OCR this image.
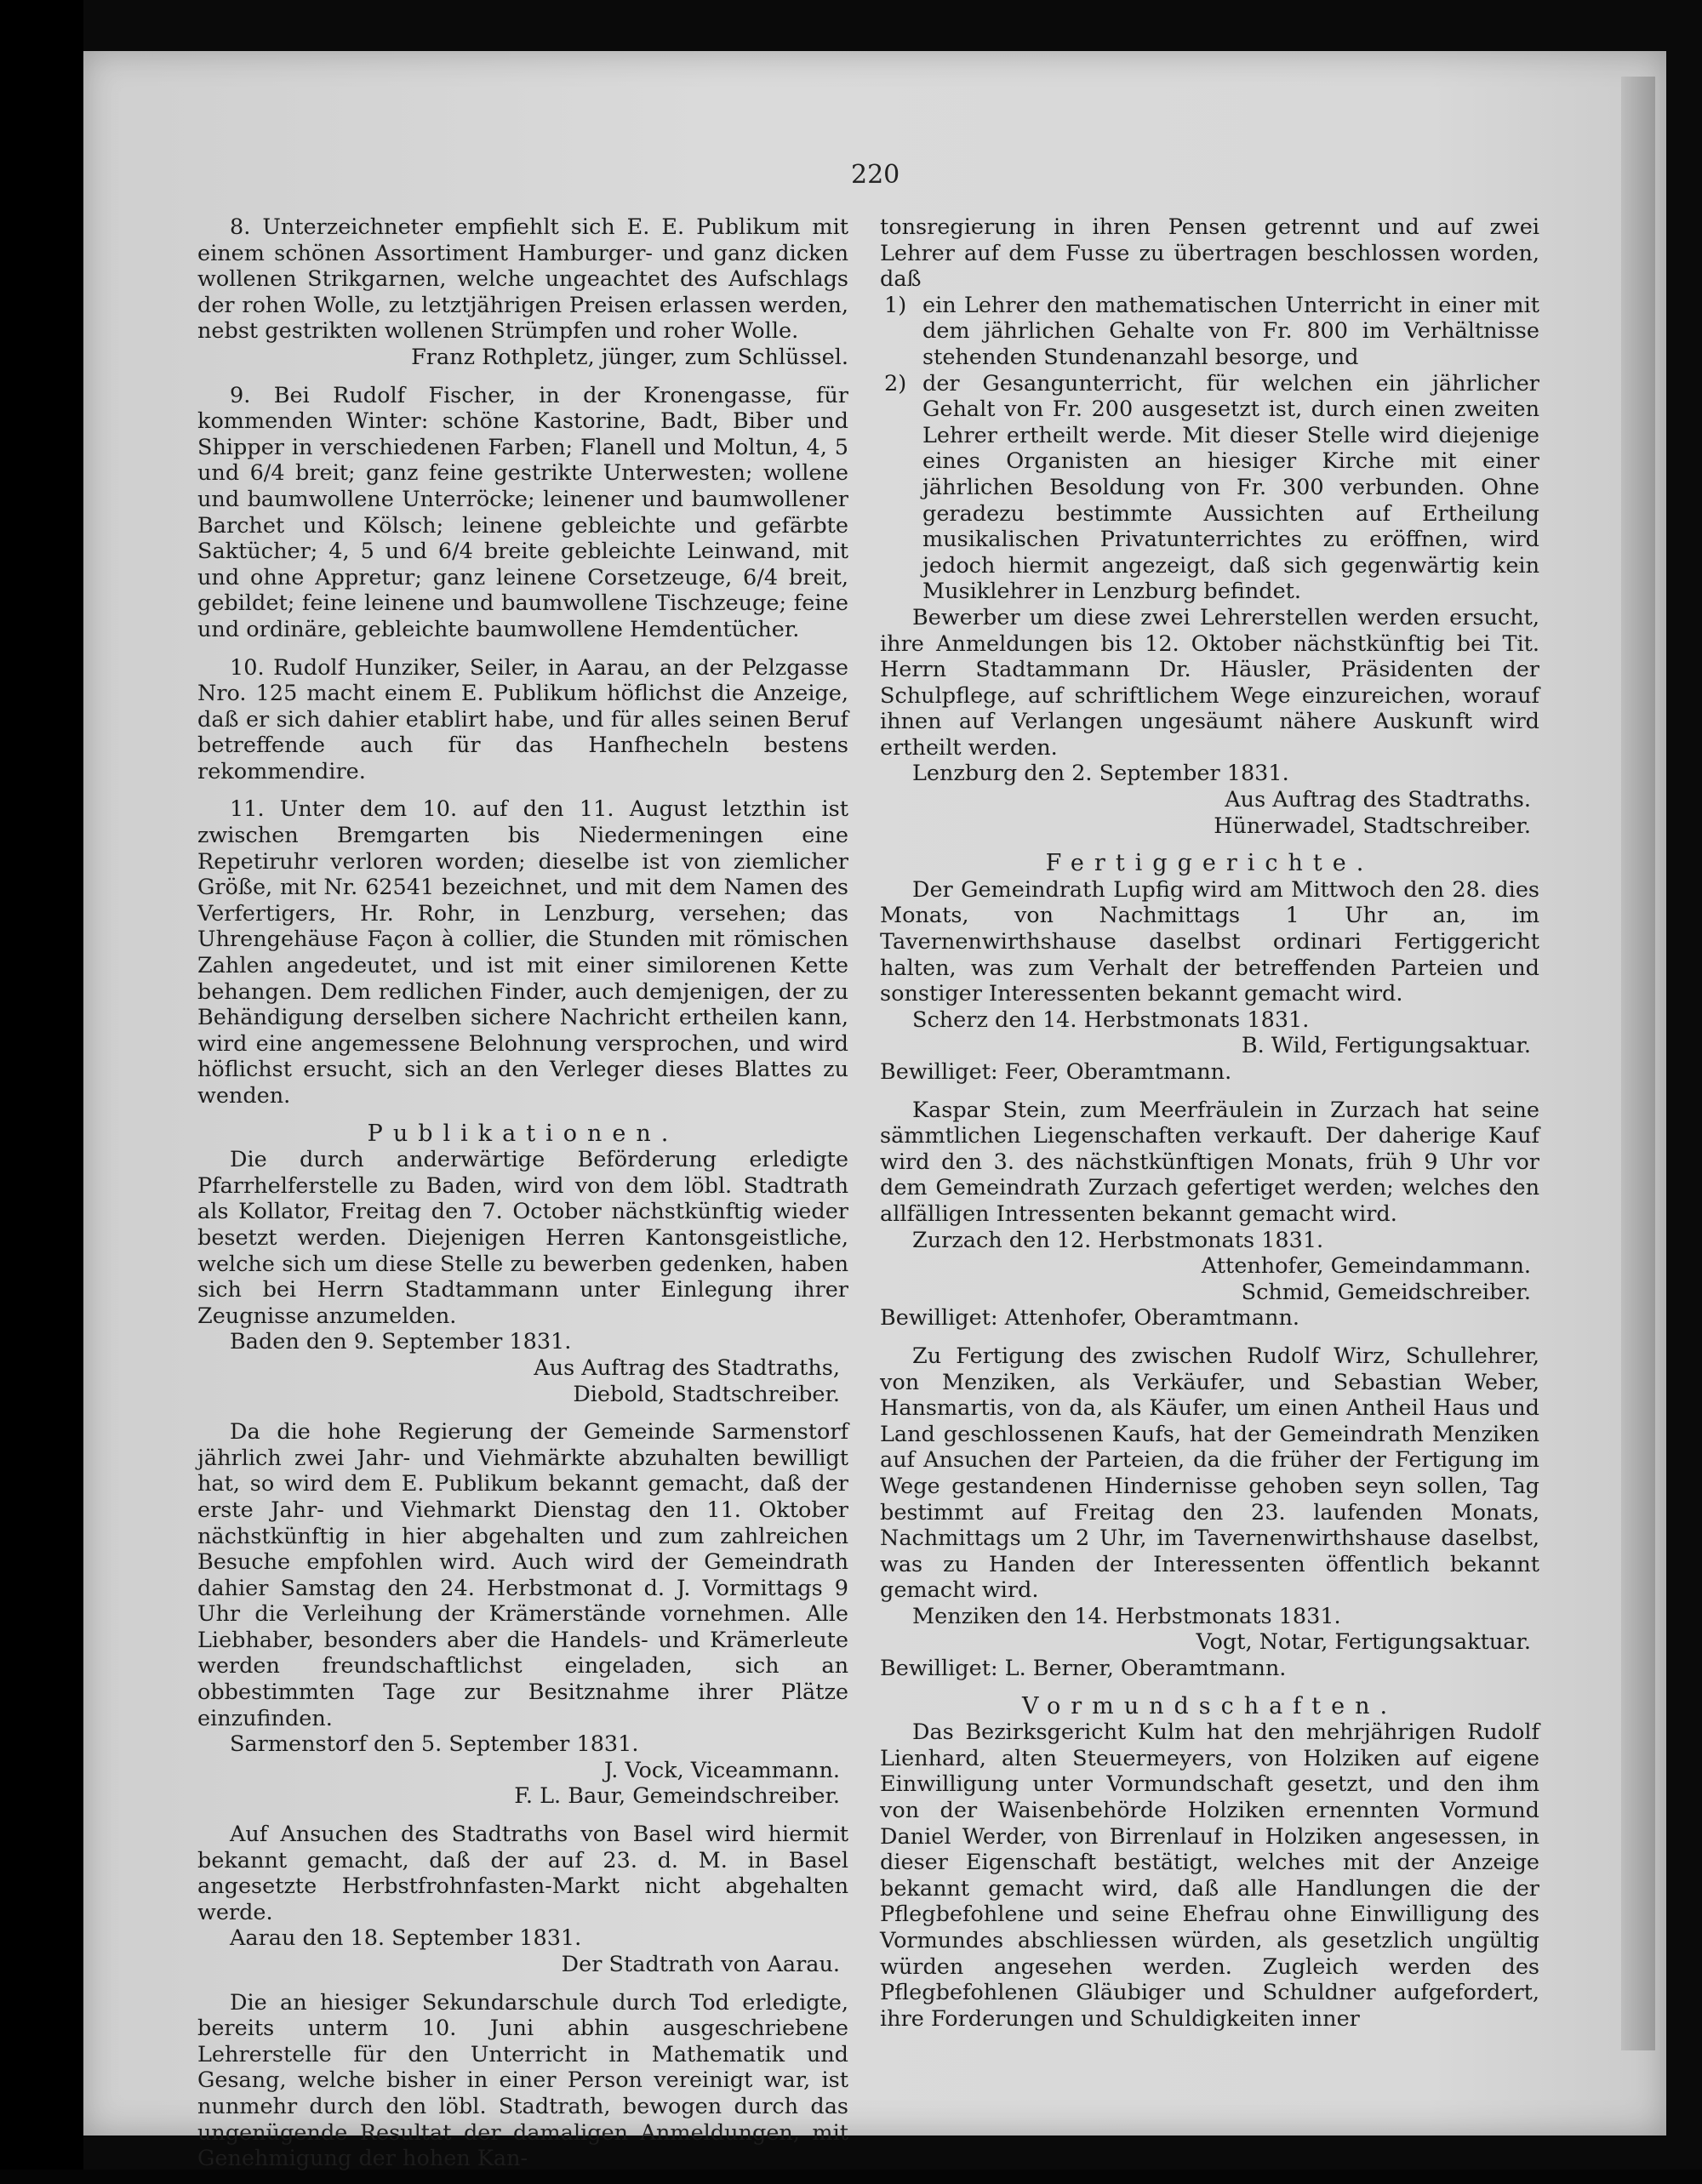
220

8. Unterzeichneter empfiehlt sich E. E. Publikum mit einem schönen Assortiment Hamburger- und ganz dicken wollenen Strikgarnen, welche ungeachtet des Aufschlags der rohen Wolle, zu letztjährigen Preisen erlassen werden, nebst gestrikten wollenen Strümpfen und roher Wolle.

Franz Rothpletz, jünger, zum Schlüssel.

9. Bei Rudolf Fischer, in der Kronengasse, für kommenden Winter: schöne Kastorine, Badt, Biber und Shipper in verschiedenen Farben; Flanell und Moltun, 4, 5 und 6/4 breit; ganz feine gestrikte Unterwesten; wollene und baumwollene Unterröcke; leinener und baumwollener Barchet und Kölsch; leinene gebleichte und gefärbte Saktücher; 4, 5 und 6/4 breite gebleichte Leinwand, mit und ohne Appretur; ganz leinene Corsetzeuge, 6/4 breit, gebildet; feine leinene und baumwollene Tischzeuge; feine und ordinäre, gebleichte baumwollene Hemdentücher.

10. Rudolf Hunziker, Seiler, in Aarau, an der Pelzgasse Nro. 125 macht einem E. Publikum höflichst die Anzeige, daß er sich dahier etablirt habe, und für alles seinen Beruf betreffende auch für das Hanfhecheln bestens rekommendire.

11. Unter dem 10. auf den 11. August letzthin ist zwischen Bremgarten bis Niedermeningen eine Repetiruhr verloren worden; dieselbe ist von ziemlicher Größe, mit Nr. 62541 bezeichnet, und mit dem Namen des Verfertigers, Hr. Rohr, in Lenzburg, versehen; das Uhrengehäuse Façon à collier, die Stunden mit römischen Zahlen angedeutet, und ist mit einer similorenen Kette behangen. Dem redlichen Finder, auch demjenigen, der zu Behändigung derselben sichere Nachricht ertheilen kann, wird eine angemessene Belohnung versprochen, und wird höflichst ersucht, sich an den Verleger dieses Blattes zu wenden.

Publikationen.

Die durch anderwärtige Beförderung erledigte Pfarrhelferstelle zu Baden, wird von dem löbl. Stadtrath als Kollator, Freitag den 7. October nächstkünftig wieder besetzt werden. Diejenigen Herren Kantonsgeistliche, welche sich um diese Stelle zu bewerben gedenken, haben sich bei Herrn Stadtammann unter Einlegung ihrer Zeugnisse anzumelden.

Baden den 9. September 1831.

Aus Auftrag des Stadtraths,

Diebold, Stadtschreiber.

Da die hohe Regierung der Gemeinde Sarmenstorf jährlich zwei Jahr- und Viehmärkte abzuhalten bewilligt hat, so wird dem E. Publikum bekannt gemacht, daß der erste Jahr- und Viehmarkt Dienstag den 11. Oktober nächstkünftig in hier abgehalten und zum zahlreichen Besuche empfohlen wird. Auch wird der Gemeindrath dahier Samstag den 24. Herbstmonat d. J. Vormittags 9 Uhr die Verleihung der Krämerstände vornehmen. Alle Liebhaber, besonders aber die Handels- und Krämerleute werden freundschaftlichst eingeladen, sich an obbestimmten Tage zur Besitznahme ihrer Plätze einzufinden.

Sarmenstorf den 5. September 1831.

J. Vock, Viceammann.

F. L. Baur, Gemeindschreiber.

Auf Ansuchen des Stadtraths von Basel wird hiermit bekannt gemacht, daß der auf 23. d. M. in Basel angesetzte Herbstfrohnfasten-Markt nicht abgehalten werde.

Aarau den 18. September 1831.

Der Stadtrath von Aarau.

Die an hiesiger Sekundarschule durch Tod erledigte, bereits unterm 10. Juni abhin ausgeschriebene Lehrerstelle für den Unterricht in Mathematik und Gesang, welche bisher in einer Person vereinigt war, ist nunmehr durch den löbl. Stadtrath, bewogen durch das ungenügende Resultat der damaligen Anmeldungen, mit Genehmigung der hohen Kan-

tonsregierung in ihren Pensen getrennt und auf zwei Lehrer auf dem Fusse zu übertragen beschlossen worden, daß

1) ein Lehrer den mathematischen Unterricht in einer mit dem jährlichen Gehalte von Fr. 800 im Verhältnisse stehenden Stundenanzahl besorge, und
2) der Gesangunterricht, für welchen ein jährlicher Gehalt von Fr. 200 ausgesetzt ist, durch einen zweiten Lehrer ertheilt werde. Mit dieser Stelle wird diejenige eines Organisten an hiesiger Kirche mit einer jährlichen Besoldung von Fr. 300 verbunden. Ohne geradezu bestimmte Aussichten auf Ertheilung musikalischen Privatunterrichtes zu eröffnen, wird jedoch hiermit angezeigt, daß sich gegenwärtig kein Musiklehrer in Lenzburg befindet.

Bewerber um diese zwei Lehrerstellen werden ersucht, ihre Anmeldungen bis 12. Oktober nächstkünftig bei Tit. Herrn Stadtammann Dr. Häusler, Präsidenten der Schulpflege, auf schriftlichem Wege einzureichen, worauf ihnen auf Verlangen ungesäumt nähere Auskunft wird ertheilt werden.

Lenzburg den 2. September 1831.

Aus Auftrag des Stadtraths.

Hünerwadel, Stadtschreiber.

Fertiggerichte.

Der Gemeindrath Lupfig wird am Mittwoch den 28. dies Monats, von Nachmittags 1 Uhr an, im Tavernenwirthshause daselbst ordinari Fertiggericht halten, was zum Verhalt der betreffenden Parteien und sonstiger Interessenten bekannt gemacht wird.

Scherz den 14. Herbstmonats 1831.

B. Wild, Fertigungsaktuar.

Bewilliget: Feer, Oberamtmann.

Kaspar Stein, zum Meerfräulein in Zurzach hat seine sämmtlichen Liegenschaften verkauft. Der daherige Kauf wird den 3. des nächstkünftigen Monats, früh 9 Uhr vor dem Gemeindrath Zurzach gefertiget werden; welches den allfälligen Intressenten bekannt gemacht wird.

Zurzach den 12. Herbstmonats 1831.

Attenhofer, Gemeindammann.

Schmid, Gemeidschreiber.

Bewilliget: Attenhofer, Oberamtmann.

Zu Fertigung des zwischen Rudolf Wirz, Schullehrer, von Menziken, als Verkäufer, und Sebastian Weber, Hansmartis, von da, als Käufer, um einen Antheil Haus und Land geschlossenen Kaufs, hat der Gemeindrath Menziken auf Ansuchen der Parteien, da die früher der Fertigung im Wege gestandenen Hindernisse gehoben seyn sollen, Tag bestimmt auf Freitag den 23. laufenden Monats, Nachmittags um 2 Uhr, im Tavernenwirthshause daselbst, was zu Handen der Interessenten öffentlich bekannt gemacht wird.

Menziken den 14. Herbstmonats 1831.

Vogt, Notar, Fertigungsaktuar.

Bewilliget: L. Berner, Oberamtmann.

Vormundschaften.

Das Bezirksgericht Kulm hat den mehrjährigen Rudolf Lienhard, alten Steuermeyers, von Holziken auf eigene Einwilligung unter Vormundschaft gesetzt, und den ihm von der Waisenbehörde Holziken ernennten Vormund Daniel Werder, von Birrenlauf in Holziken angesessen, in dieser Eigenschaft bestätigt, welches mit der Anzeige bekannt gemacht wird, daß alle Handlungen die der Pflegbefohlene und seine Ehefrau ohne Einwilligung des Vormundes abschliessen würden, als gesetzlich ungültig würden angesehen werden. Zugleich werden des Pflegbefohlenen Gläubiger und Schuldner aufgefordert, ihre Forderungen und Schuldigkeiten inner
